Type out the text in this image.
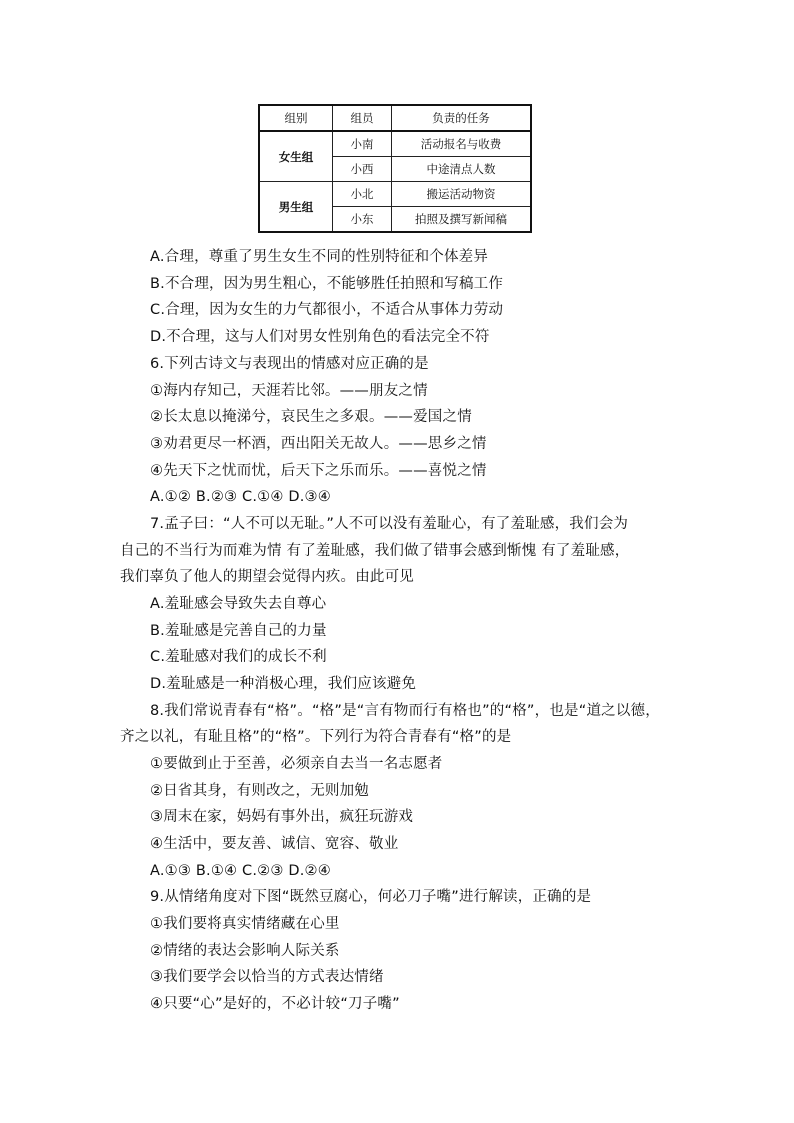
组别	组员	负责的任务
女生组	小南	活动报名与收费
	小西	中途清点人数
男生组	小北	搬运活动物资
	小东	拍照及撰写新闻稿
A.合理，尊重了男生女生不同的性别特征和个体差异
B.不合理，因为男生粗心，不能够胜任拍照和写稿工作
C.合理，因为女生的力气都很小，不适合从事体力劳动
D.不合理，这与人们对男女性别角色的看法完全不符
6.下列古诗文与表现出的情感对应正确的是
①海内存知己，天涯若比邻。——朋友之情
②长太息以掩涕兮，哀民生之多艰。——爱国之情
③劝君更尽一杯酒，西出阳关无故人。——思乡之情
④先天下之忧而忧，后天下之乐而乐。——喜悦之情
A.①② B.②③ C.①④ D.③④
7.孟子曰：“人不可以无耻。”人不可以没有羞耻心，有了羞耻感，我们会为
自己的不当行为而难为情 有了羞耻感，我们做了错事会感到惭愧 有了羞耻感，
我们辜负了他人的期望会觉得内疚。由此可见
A.羞耻感会导致失去自尊心
B.羞耻感是完善自己的力量
C.羞耻感对我们的成长不利
D.羞耻感是一种消极心理，我们应该避免
8.我们常说青春有“格”。“格”是“言有物而行有格也”的“格”，也是“道之以德，
齐之以礼，有耻且格”的“格”。下列行为符合青春有“格”的是
①要做到止于至善，必须亲自去当一名志愿者
②日省其身，有则改之，无则加勉
③周末在家，妈妈有事外出，疯狂玩游戏
④生活中，要友善、诚信、宽容、敬业
A.①③ B.①④ C.②③ D.②④
9.从情绪角度对下图“既然豆腐心，何必刀子嘴”进行解读，正确的是
①我们要将真实情绪藏在心里
②情绪的表达会影响人际关系
③我们要学会以恰当的方式表达情绪
④只要“心”是好的，不必计较“刀子嘴”
